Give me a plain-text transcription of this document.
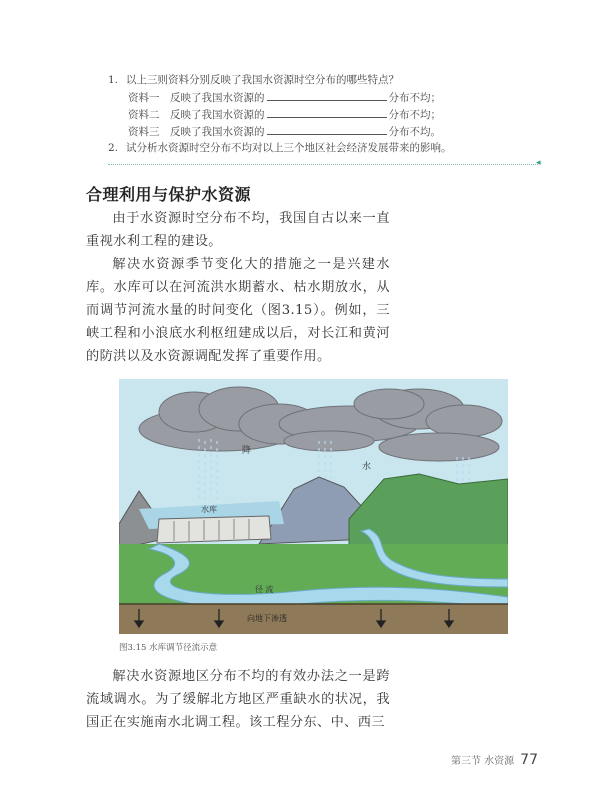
1. 以上三则资料分别反映了我国水资源时空分布的哪些特点？
资料一 反映了我国水资源的	分布不均；
资料二 反映了我国水资源的	分布不均；
资料三 反映了我国水资源的	分布不均。
2. 试分析水资源时空分布不均对以上三个地区社会经济发展带来的影响。
◂
合理利用与保护水资源
由于水资源时空分布不均，我国自古以来一直重视水利工程的建设。
解决水资源季节变化大的措施之一是兴建水库。水库可以在河流洪水期蓄水、枯水期放水，从而调节河流水量的时间变化（图3.15）。例如，三峡工程和小浪底水利枢纽建成以后，对长江和黄河的防洪以及水资源调配发挥了重要作用。
降
水
水库
径 流
向地下渗透
图3.15 水库调节径流示意
解决水资源地区分布不均的有效办法之一是跨流域调水。为了缓解北方地区严重缺水的状况，我国正在实施南水北调工程。该工程分东、中、西三
第三节 水资源 77
